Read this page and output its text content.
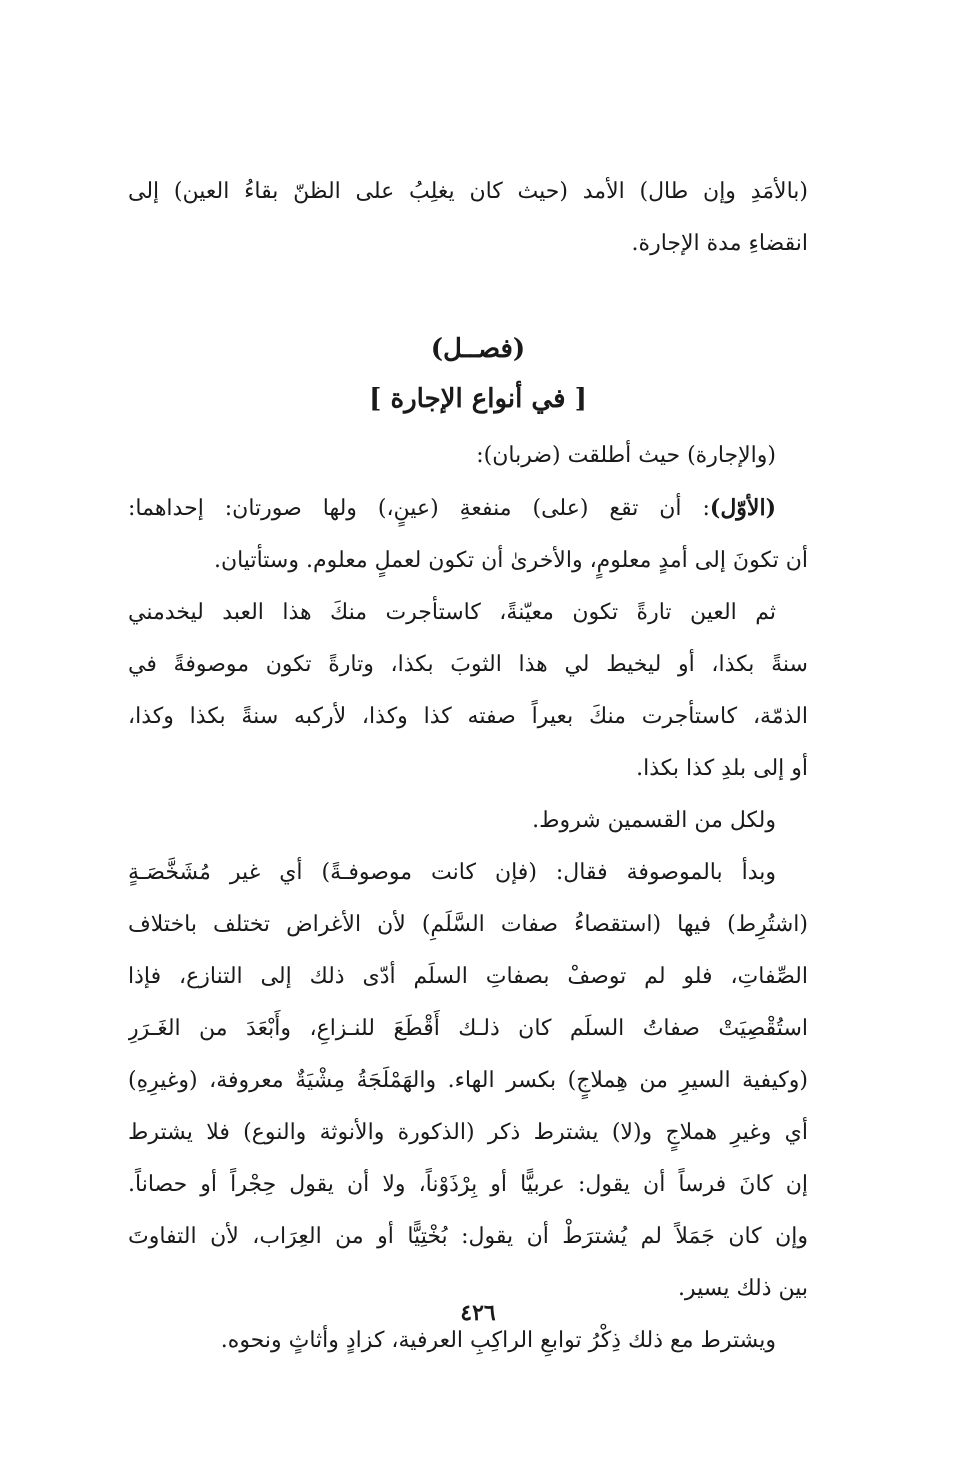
(بالأمَدِ وإن طال) الأمد (حيث كان يغلِبُ على الظنّ بقاءُ العين) إلى
انقضاءِ مدة الإجارة.
(فصــل)
[ في أنواع الإجارة ]
(والإجارة) حيث أطلقت (ضربان):
(الأوّل): أن تقع (على) منفعةِ (عينٍ،) ولها صورتان: إحداهما:
أن تكونَ إلى أمدٍ معلومٍ، والأخرىٰ أن تكون لعملٍ معلوم. وستأتيان.
ثم العين تارةً تكون معيّنةً، كاستأجرت منكَ هذا العبد ليخدمني
سنةً بكذا، أو ليخيط لي هذا الثوبَ بكذا، وتارةً تكون موصوفةً في
الذمّة، كاستأجرت منكَ بعيراً صفته كذا وكذا، لأركبه سنةً بكذا وكذا،
أو إلى بلدِ كذا بكذا.
ولكل من القسمين شروط.
وبدأ بالموصوفة فقال: (فإن كانت موصوفـةً) أي غير مُشَخَّصَـةٍ
(اشتُرِط) فيها (استقصاءُ صفات السَّلَمِ) لأن الأغراض تختلف باختلاف
الصِّفاتِ، فلو لم توصفْ بصفاتِ السلَم أدّى ذلك إلى التنازع، فإذا
استُقْصِيَتْ صفاتُ السلَم كان ذلـك أَقْطَعَ للنـزاعِ، وأَبْعَدَ من الغَـرَرِ
(وكيفية السيرِ من هِملاجٍ) بكسر الهاء. والهَمْلَجَةُ مِشْيَةٌ معروفة، (وغيرِهِ)
أي وغيرِ هملاجٍ و(لا) يشترط ذكر (الذكورة والأنوثة والنوع) فلا يشترط
إن كانَ فرساً أن يقول: عربيًّا أو بِرْذَوْناً، ولا أن يقول حِجْراً أو حصاناً.
وإن كان جَمَلاً لم يُشترَطْ أن يقول: بُخْتِيًّا أو من العِرَاب، لأن التفاوتَ
بين ذلك يسير.
ويشترط مع ذلك ذِكْرُ توابعِ الراكِبِ العرفية، كزادٍ وأثاثٍ ونحوه.
٤٢٦
